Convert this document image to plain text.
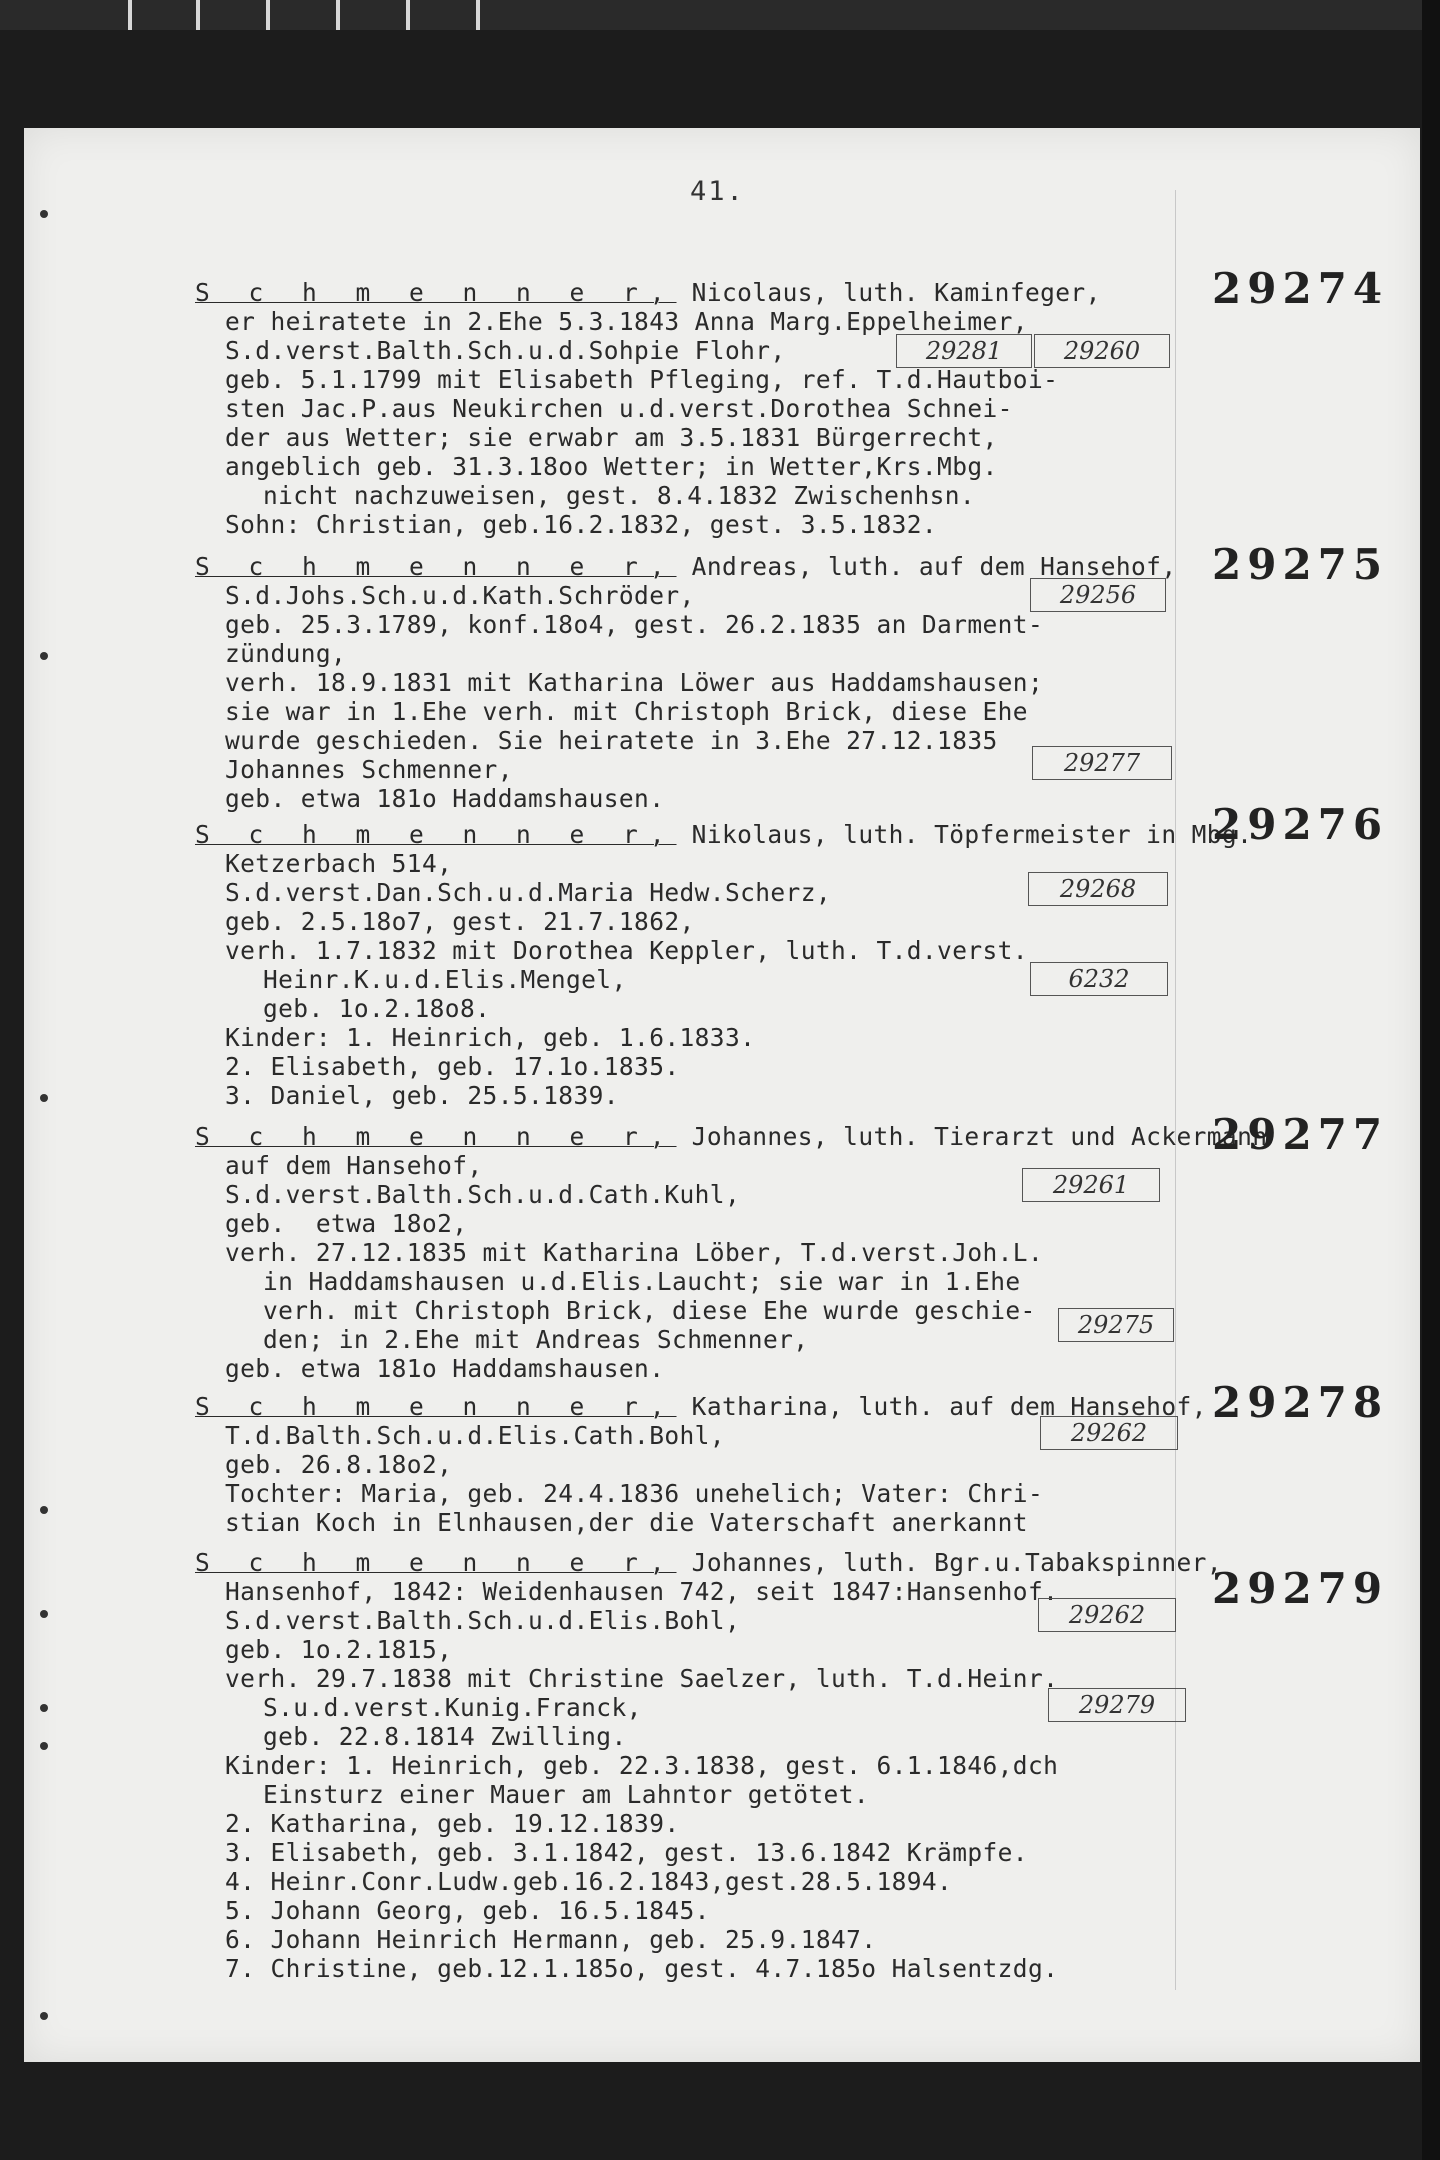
41.
S c h m e n n e r, Nicolaus, luth. Kaminfeger,
er heiratete in 2.Ehe 5.3.1843 Anna Marg.Eppelheimer,
S.d.verst.Balth.Sch.u.d.Sohpie Flohr,
geb. 5.1.1799 mit Elisabeth Pfleging, ref. T.d.Hautboi-
sten Jac.P.aus Neukirchen u.d.verst.Dorothea Schnei-
der aus Wetter; sie erwabr am 3.5.1831 Bürgerrecht,
angeblich geb. 31.3.18oo Wetter; in Wetter,Krs.Mbg.
nicht nachzuweisen, gest. 8.4.1832 Zwischenhsn.
Sohn: Christian, geb.16.2.1832, gest. 3.5.1832.
29274
29281	29260
S c h m e n n e r, Andreas, luth. auf dem Hansehof,
S.d.Johs.Sch.u.d.Kath.Schröder,
geb. 25.3.1789, konf.18o4, gest. 26.2.1835 an Darment-
zündung,
verh. 18.9.1831 mit Katharina Löwer aus Haddamshausen;
sie war in 1.Ehe verh. mit Christoph Brick, diese Ehe
wurde geschieden. Sie heiratete in 3.Ehe 27.12.1835
Johannes Schmenner,
geb. etwa 181o Haddamshausen.
29275
29256
29277
S c h m e n n e r, Nikolaus, luth. Töpfermeister in Mbg.
Ketzerbach 514,
S.d.verst.Dan.Sch.u.d.Maria Hedw.Scherz,
geb. 2.5.18o7, gest. 21.7.1862,
verh. 1.7.1832 mit Dorothea Keppler, luth. T.d.verst.
Heinr.K.u.d.Elis.Mengel,
geb. 1o.2.18o8.
Kinder: 1. Heinrich, geb. 1.6.1833.
2. Elisabeth, geb. 17.1o.1835.
3. Daniel, geb. 25.5.1839.
29276
29268
6232
S c h m e n n e r, Johannes, luth. Tierarzt und Ackermann
auf dem Hansehof,
S.d.verst.Balth.Sch.u.d.Cath.Kuhl,
geb.  etwa 18o2,
verh. 27.12.1835 mit Katharina Löber, T.d.verst.Joh.L.
in Haddamshausen u.d.Elis.Laucht; sie war in 1.Ehe
verh. mit Christoph Brick, diese Ehe wurde geschie-
den; in 2.Ehe mit Andreas Schmenner,
geb. etwa 181o Haddamshausen.
29277
29261
29275
S c h m e n n e r, Katharina, luth. auf dem Hansehof,
T.d.Balth.Sch.u.d.Elis.Cath.Bohl,
geb. 26.8.18o2,
Tochter: Maria, geb. 24.4.1836 unehelich; Vater: Chri-
stian Koch in Elnhausen,der die Vaterschaft anerkannt
29278
29262
S c h m e n n e r, Johannes, luth. Bgr.u.Tabakspinner,
Hansenhof, 1842: Weidenhausen 742, seit 1847:Hansenhof.
S.d.verst.Balth.Sch.u.d.Elis.Bohl,
geb. 1o.2.1815,
verh. 29.7.1838 mit Christine Saelzer, luth. T.d.Heinr.
S.u.d.verst.Kunig.Franck,
geb. 22.8.1814 Zwilling.
Kinder: 1. Heinrich, geb. 22.3.1838, gest. 6.1.1846,dch
Einsturz einer Mauer am Lahntor getötet.
2. Katharina, geb. 19.12.1839.
3. Elisabeth, geb. 3.1.1842, gest. 13.6.1842 Krämpfe.
4. Heinr.Conr.Ludw.geb.16.2.1843,gest.28.5.1894.
5. Johann Georg, geb. 16.5.1845.
6. Johann Heinrich Hermann, geb. 25.9.1847.
7. Christine, geb.12.1.185o, gest. 4.7.185o Halsentzdg.
29279
29262
29279
